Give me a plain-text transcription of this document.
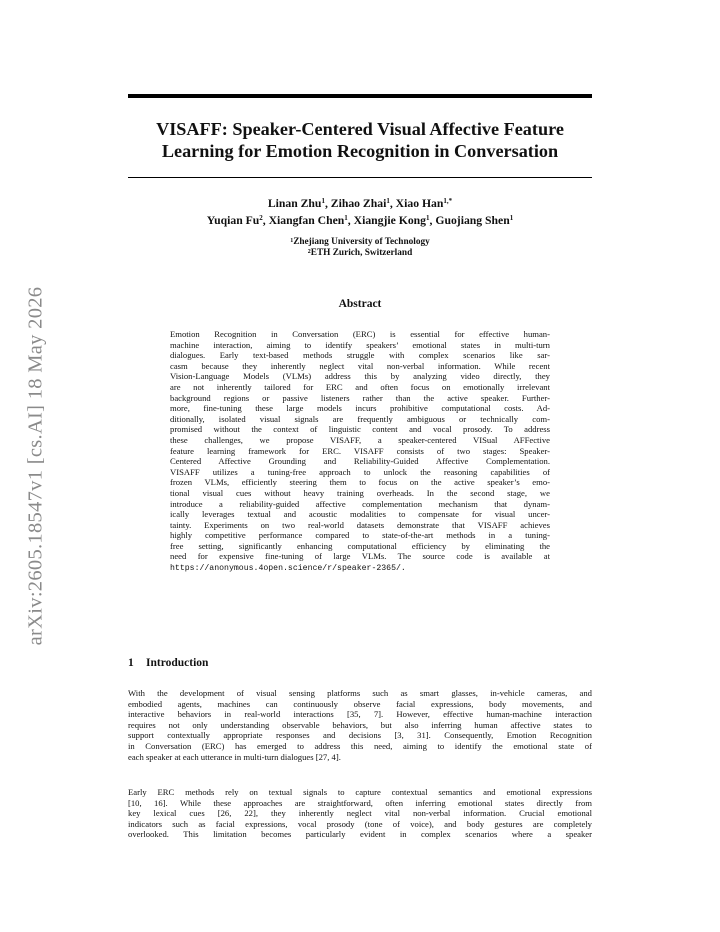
arXiv:2605.18547v1 [cs.AI] 18 May 2026
VISAFF: Speaker-Centered Visual Affective Feature
Learning for Emotion Recognition in Conversation
Linan Zhu$^1$, Zihao Zhai$^1$, Xiao Han$^{1,*}$
Yuqian Fu$^2$, Xiangfan Chen$^1$, Xiangjie Kong$^1$, Guojiang Shen$^1$
$^1$Zhejiang University of Technology
$^2$ETH Zurich, Switzerland
Abstract
Emotion Recognition in Conversation (ERC) is essential for effective human-
machine interaction, aiming to identify speakers’ emotional states in multi-turn
dialogues. Early text-based methods struggle with complex scenarios like sar-
casm because they inherently neglect vital non-verbal information. While recent
Vision-Language Models (VLMs) address this by analyzing video directly, they
are not inherently tailored for ERC and often focus on emotionally irrelevant
background regions or passive listeners rather than the active speaker. Further-
more, fine-tuning these large models incurs prohibitive computational costs. Ad-
ditionally, isolated visual signals are frequently ambiguous or technically com-
promised without the context of linguistic content and vocal prosody. To address
these challenges, we propose VISAFF, a speaker-centered VISual AFFective
feature learning framework for ERC. VISAFF consists of two stages: Speaker-
Centered Affective Grounding and Reliability-Guided Affective Complementation.
VISAFF utilizes a tuning-free approach to unlock the reasoning capabilities of
frozen VLMs, efficiently steering them to focus on the active speaker’s emo-
tional visual cues without heavy training overheads. In the second stage, we
introduce a reliability-guided affective complementation mechanism that dynam-
ically leverages textual and acoustic modalities to compensate for visual uncer-
tainty. Experiments on two real-world datasets demonstrate that VISAFF achieves
highly competitive performance compared to state-of-the-art methods in a tuning-
free setting, significantly enhancing computational efficiency by eliminating the
need for expensive fine-tuning of large VLMs. The source code is available at
https://anonymous.4open.science/r/speaker-2365/.
1 Introduction
With the development of visual sensing platforms such as smart glasses, in-vehicle cameras, and
embodied agents, machines can continuously observe facial expressions, body movements, and
interactive behaviors in real-world interactions [35, 7]. However, effective human-machine interaction
requires not only understanding observable behaviors, but also inferring human affective states to
support contextually appropriate responses and decisions [3, 31]. Consequently, Emotion Recognition
in Conversation (ERC) has emerged to address this need, aiming to identify the emotional state of
each speaker at each utterance in multi-turn dialogues [27, 4].
Early ERC methods rely on textual signals to capture contextual semantics and emotional expressions
[10, 16]. While these approaches are straightforward, often inferring emotional states directly from
key lexical cues [26, 22], they inherently neglect vital non-verbal information. Crucial emotional
indicators such as facial expressions, vocal prosody (tone of voice), and body gestures are completely
overlooked. This limitation becomes particularly evident in complex scenarios where a speaker
